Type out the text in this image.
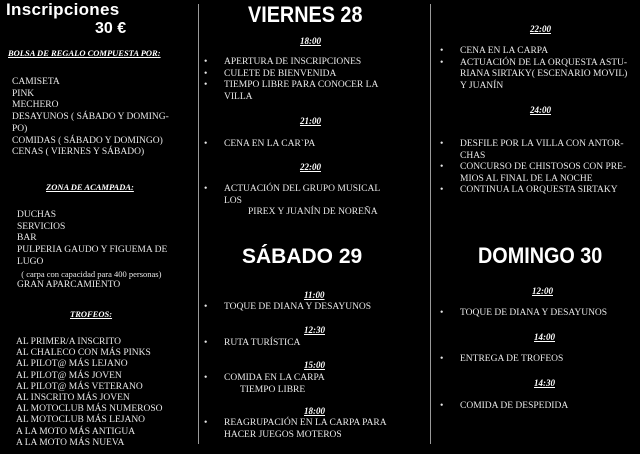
Inscripciones
30 €
BOLSA DE REGALO COMPUESTA POR:
CAMISETA
PINK
MECHERO
DESAYUNOS ( SÁBADO Y DOMING-
PO)
COMIDAS ( SÁBADO Y DOMINGO)
CENAS ( VIERNES Y SÁBADO)
ZONA DE ACAMPADA:
DUCHAS
SERVICIOS
BAR
PULPERIA GAUDO Y FIGUEMA DE
LUGO
( carpa con capacidad para 400 personas)
GRAN APARCAMIENTO
TROFEOS:
AL PRIMER/A INSCRITO
AL CHALECO CON MÁS PINKS
AL PILOT@ MÁS LEJANO
AL PILOT@ MÁS JOVEN
AL PILOT@ MÁS VETERANO
AL INSCRITO MÁS JOVEN
AL MOTOCLUB MÁS NUMEROSO
AL MOTOCLUB MÁS LEJANO
A LA MOTO MÁS ANTIGUA
A LA MOTO MÁS NUEVA
VIERNES 28
18:00
• APERTURA DE INSCRIPCIONES
• CULETE DE BIENVENIDA
• TIEMPO LIBRE PARA CONOCER LA
VILLA
21:00
• CENA EN LA CAR`PA
22:00
• ACTUACIÓN DEL GRUPO MUSICAL
LOS
PIREX Y JUANÍN DE NOREÑA
SÁBADO 29
11:00
• TOQUE DE DIANA Y DESAYUNOS
12:30
• RUTA TURÍSTICA
15:00
• COMIDA EN LA CARPA
TIEMPO LIBRE
18:00
• REAGRUPACIÓN EN LA CARPA PARA
HACER JUEGOS MOTEROS
22:00
• CENA EN LA CARPA
• ACTUACIÓN DE LA ORQUESTA ASTU-
RIANA SIRTAKY( ESCENARIO MOVIL)
Y JUANÍN
24:00
• DESFILE POR LA VILLA CON ANTOR-
CHAS
• CONCURSO DE CHISTOSOS CON PRE-
MIOS AL FINAL DE LA NOCHE
• CONTINUA LA ORQUESTA SIRTAKY
DOMINGO 30
12:00
• TOQUE DE DIANA Y DESAYUNOS
14:00
• ENTREGA DE TROFEOS
14:30
• COMIDA DE DESPEDIDA
